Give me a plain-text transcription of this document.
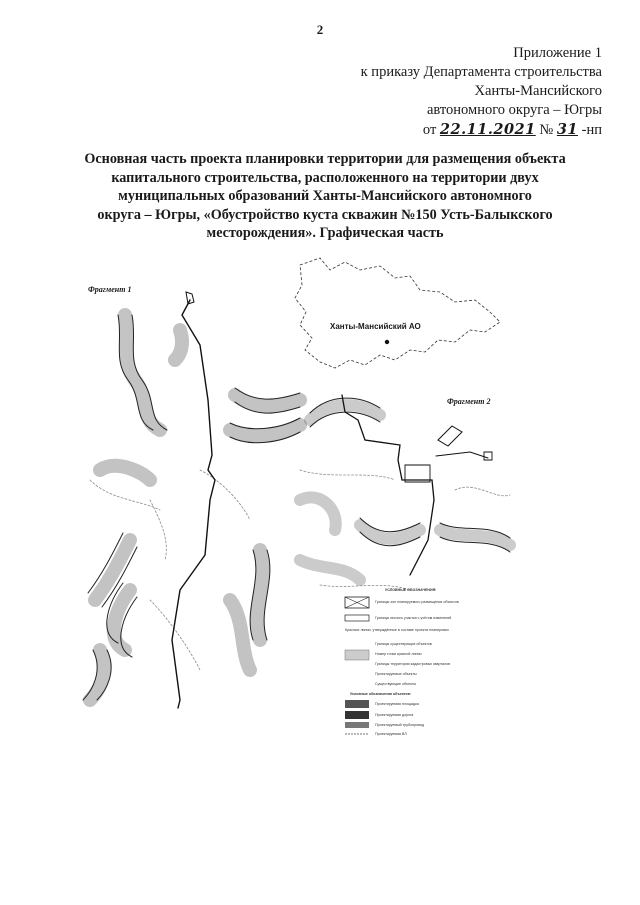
2
Приложение 1
к приказу Департамента строительства
Ханты-Мансийского
автономного округа – Югры
от 22.11.2021 № 31 -нп
Основная часть проекта планировки территории для размещения объекта
капитального строительства, расположенного на территории двух
муниципальных образований Ханты-Мансийского автономного
округа – Югры, «Обустройство куста скважин №150 Усть-Балыкского
месторождения». Графическая часть
Фрагмент 1
Фрагмент 2
Ханты-Мансийский АО
УСЛОВНЫЕ ОБОЗНАЧЕНИЯ:
Границы зон планируемого размещения объектов
Граница лесного участка с учётом изменений
Красные линии, утверждённые в составе проекта планировки
Границы существующих объектов
Номер точки красной линии
Границы территории кадастровых кварталов
Проектируемые объекты
Существующие объекты
Условные обозначения объектов:
Проектируемая площадка
Проектируемая дорога
Проектируемый трубопровод
Проектируемая ВЛ
